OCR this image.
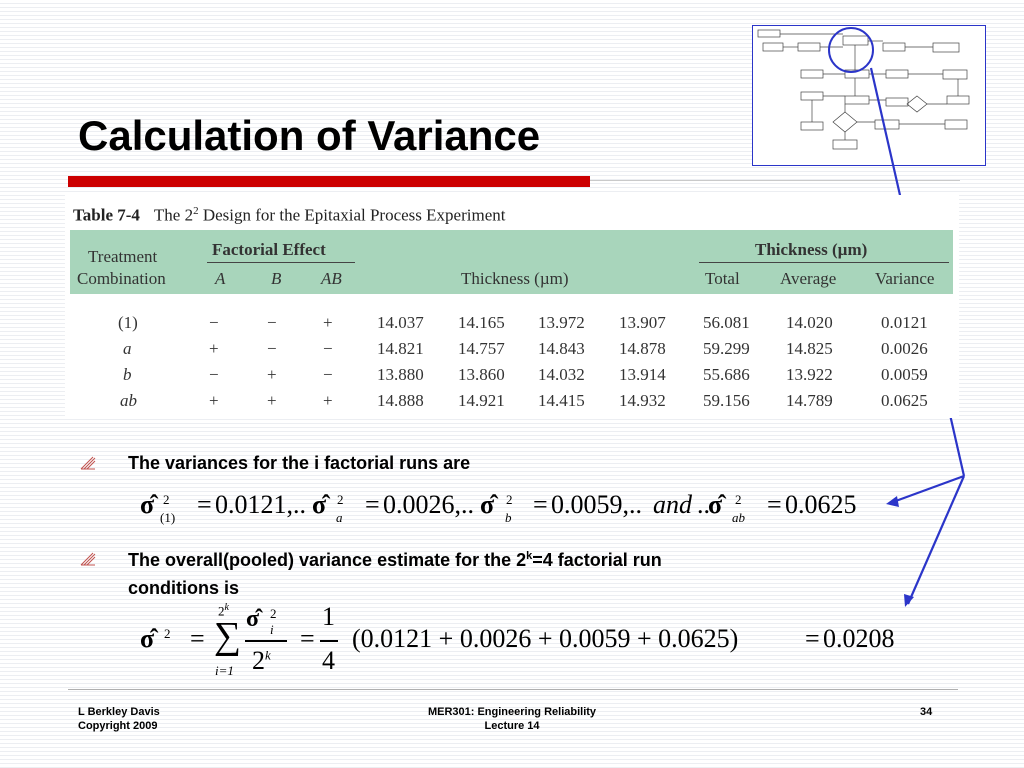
Calculation of Variance
Table 7-4 The $2^2$ Design for the Epitaxial Process Experiment
Treatment
Combination
Factorial Effect
A	B AB	Thickness (µm)
Thickness (µm)
Total Average Variance
(1)	−	−	+	14.037 14.165 13.972 13.907 56.081 14.020	0.0121
a	+	−	−	14.821 14.757 14.843 14.878 59.299 14.825	0.0026
b	−	+	−	13.880 13.860 14.032 13.914 55.686 13.922	0.0059
ab	+	+	+	14.888 14.921 14.415 14.932 59.156 14.789	0.0625
The variances for the i factorial runs are
σ̂ 2
(1) = 0.0121,.. σ̂ 2
a = 0.0026,.. σ̂ 2
b = 0.0059,.. and ..
σ̂ 2
ab = 0.0625
The overall(pooled) variance estimate for the $2^k=4$ factorial run
conditions is
σ̂ 2 =
$2^k$
∑
i=1
σ̂ 2
i
$2^k$
=
1
4
(0.0121 + 0.0026 + 0.0059 + 0.0625)	= 0.0208
L Berkley Davis
Copyright 2009
MER301: Engineering Reliability
Lecture 14
34
